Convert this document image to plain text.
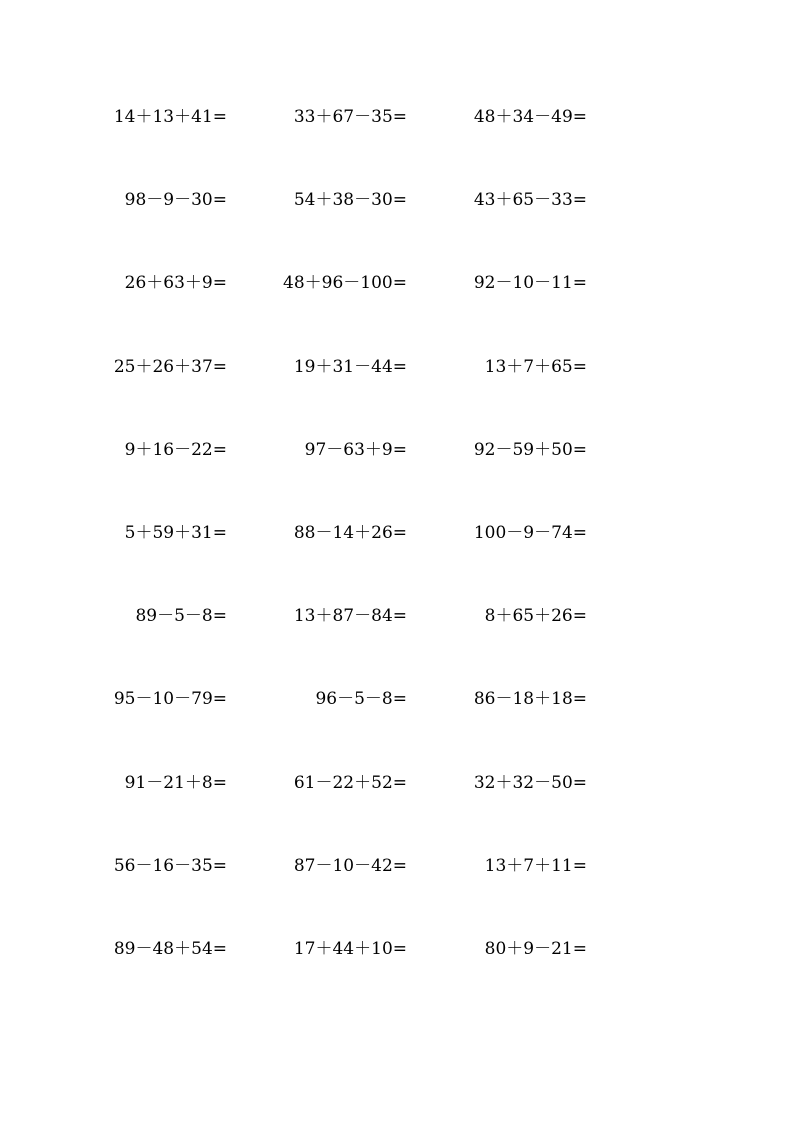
14＋13＋41=	33＋67－35=	48＋34－49=
98－9－30=	54＋38－30=	43＋65－33=
26＋63＋9=	48＋96－100=	92－10－11=
25＋26＋37=	19＋31－44=	13＋7＋65=
9＋16－22=	97－63＋9=	92－59＋50=
5＋59＋31=	88－14＋26=	100－9－74=
89－5－8=	13＋87－84=	8＋65＋26=
95－10－79=	96－5－8=	86－18＋18=
91－21＋8=	61－22＋52=	32＋32－50=
56－16－35=	87－10－42=	13＋7＋11=
89－48＋54=	17＋44＋10=	80＋9－21=
